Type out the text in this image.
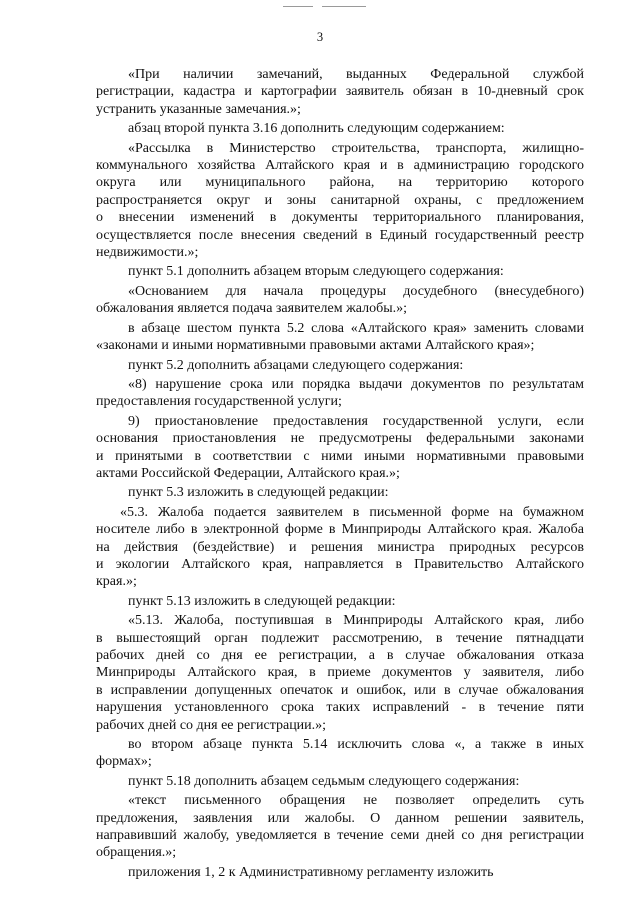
3
«При наличии замечаний, выданных Федеральной службой
регистрации, кадастра и картографии заявитель обязан в 10-дневный срок
устранить указанные замечания.»;
абзац второй пункта 3.16 дополнить следующим содержанием:
«Рассылка в Министерство строительства, транспорта, жилищно-
коммунального хозяйства Алтайского края и в администрацию городского
округа или муниципального района, на территорию которого
распространяется округ и зоны санитарной охраны, с предложением
о внесении изменений в документы территориального планирования,
осуществляется после внесения сведений в Единый государственный реестр
недвижимости.»;
пункт 5.1 дополнить абзацем вторым следующего содержания:
«Основанием для начала процедуры досудебного (внесудебного)
обжалования является подача заявителем жалобы.»;
в абзаце шестом пункта 5.2 слова «Алтайского края» заменить словами
«законами и иными нормативными правовыми актами Алтайского края»;
пункт 5.2 дополнить абзацами следующего содержания:
«8) нарушение срока или порядка выдачи документов по результатам
предоставления государственной услуги;
9) приостановление предоставления государственной услуги, если
основания приостановления не предусмотрены федеральными законами
и принятыми в соответствии с ними иными нормативными правовыми
актами Российской Федерации, Алтайского края.»;
пункт 5.3 изложить в следующей редакции:
«5.3. Жалоба подается заявителем в письменной форме на бумажном
носителе либо в электронной форме в Минприроды Алтайского края. Жалоба
на действия (бездействие) и решения министра природных ресурсов
и экологии Алтайского края, направляется в Правительство Алтайского
края.»;
пункт 5.13 изложить в следующей редакции:
«5.13. Жалоба, поступившая в Минприроды Алтайского края, либо
в вышестоящий орган подлежит рассмотрению, в течение пятнадцати
рабочих дней со дня ее регистрации, а в случае обжалования отказа
Минприроды Алтайского края, в приеме документов у заявителя, либо
в исправлении допущенных опечаток и ошибок, или в случае обжалования
нарушения установленного срока таких исправлений - в течение пяти
рабочих дней со дня ее регистрации.»;
во втором абзаце пункта 5.14 исключить слова «, а также в иных
формах»;
пункт 5.18 дополнить абзацем седьмым следующего содержания:
«текст письменного обращения не позволяет определить суть
предложения, заявления или жалобы. О данном решении заявитель,
направивший жалобу, уведомляется в течение семи дней со дня регистрации
обращения.»;
приложения 1, 2 к Административному регламенту изложить
